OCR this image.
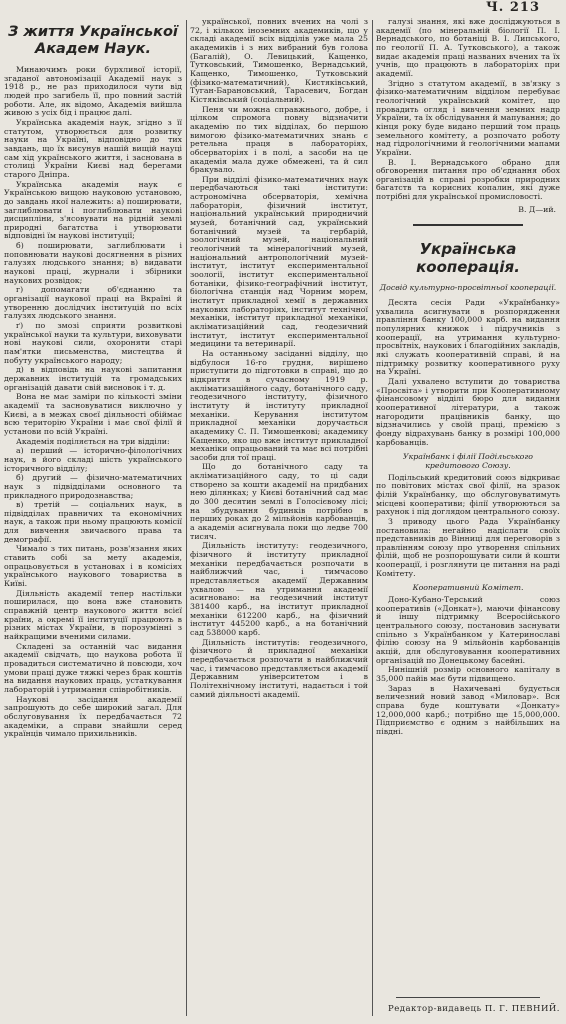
Ч. 213
З життя Української Академ Наук.

Минаючимъ роки бурхливої історії, згаданої автономізації Академії наук з 1918 р., не раз приходилося чути від людей про загибель її, про повний застій роботи. Але, як відомо, Академія вийшла живою з усіх бід і працює далі.

Українська академія наук, згідно з її статутом, утворюється для розвитку науки на Україні, відповідно до тих завдань, що їх висунув нашій вищій науці сам хід українського життя, і заснована в столиці України Києві над берегами старого Дніпра.

Українська академія наук є Українською вищою науковою установою, до завдань якої належить: а) поширювати, заглиблювати і поглиблювати наукові дисципліни, з'ясовувати на рідній землі природні багатства і утворювати відповідні їм наукові інституції;

б) поширювати, заглиблювати і поповнювати наукові досягнення в різних галузях людського знання; в) видавати наукові праці, журнали і збірники наукових розвідок;

г) допомагати об'єднанню та організації наукової праці на Вкраїні й утворенню дослідчих інституцій по всіх галузях людського знання.

ґ) по змозі сприяти розвиткові української науки та культури, виховувати нові наукові сили, охороняти старі пам'ятки письменства, мистецтва й побуту українського народу;

д) в відповідь на наукові запитання державних інституцій та громадських організацій давати свій висновок і т. д.

Вона не має заміри по кількості зміни академії та засновуватися виключно у Києві, а в межах своєї діяльності обіймає всю територію України і має свої філії й установи по всій Україні.

Академія поділяється на три відділи:

а) перший — історично-філологічних наук, в його складі шість українського історичного відділу;

б) другий — фізично-математичних наук з підвідділами основного та прикладного природознавства;

в) третій — соціальних наук, в підвідділах правничих та економічних наук, а також при ньому працюють комісії для вивчення звичаєвого права та демографії.

Чимало з тих питань, розв'язання яких ставить собі за мету академія, опрацьовується в установах і в комісіях українського наукового товариства в Київі.

Діяльність академії тепер настільки поширилася, що вона вже становить справжній центр наукового життя всієї країни, а окремі її інституції працюють в різних містах України, в порозумінні з найкращими вченими силами.

Складені за останній час видання академії свідчать, що наукова робота її провадиться систематично й повсюди, хоч умови праці дуже тяжкі через брак коштів на видання наукових праць, устаткування лабораторій і утримання співробітників.

Наукові засідання академії запрошують до себе широкий загал. Для обслуговування їх передбачається 72 академіки, а справи знайшли серед українців чимало прихильників.

української, повних вчених на чолі з 72, і кількох іноземних академиків, що у складі академії всіх відділів уже мала 25 академиків і з них вибраний був голова (Багалій), О. Левицький, Кащенко, Тутковський, Тимошенко, Вернадський, Кащенко, Тимошенко, Тутковський (фізико-математичний), Кистяківський, Туган-Барановський, Тарасевич, Богдан Кістяківський (соціальний).

Пеня чи можна справжнього, добре, і цілком спромога повну відзначити академію по тих відділах, бо першою вимогою фізико-математичних знань є ретельна праця в лабораторіях, обсерваторіях і в полі, а засоби на це академія мала дуже обмежені, та й сил бракувало.

При відділі фізико-математичних наук передбачаються такі інститути: астрономічна обсерваторія, хемічна лабораторія, фізичний інститут, національний український природничий музей, ботанічний сад, український ботанічний музей та гербарій, зоологічний музей, національний геологічний та мінералогічний музей, національний антропологічний музей-інститут, інститут експериментальної зоології, інститут експериментальної ботаніки, фізико-географічний інститут, біологічна станція над Чорним морем, інститут прикладної хемії в державних наукових лабораторіях, інститут технічної механіки, інститут прикладної механіки, акліматизаційний сад, геодезичний інститут, інститут експериментальної медицини та ветеринарії.

На останньому засіданні відділу, що відбулося 16-го грудня, вирішено приступити до підготовки в справі, що до відкриття в сучасному 1919 р. акліматизаційного саду, ботанічного саду, геодезичного інституту, фізичного інституту й інституту прикладної механіки. Керування інститутом прикладної механіки доручається академику С. П. Тимошенкові; академику Кащенко, яко що вже інститут прикладної механіки опрацьований та має всі потрібні засоби для тої праці.

Що до ботанічного саду та акліматизаційного саду, то ці сади створено за кошти академії на придбаних нею ділянках; у Києві ботанічний сад має до 300 десятин землі в Голосієвому лісі; на збудування будинків потрібно в перших роках до 2 мільйонів карбованців, а академія асигнувала поки що ледве 700 тисяч.

Діяльність інституту: геодезичного, фізичного й інституту прикладної механіки передбачається розпочати в найближчий час, і тимчасово представляється академії Державним ухвалою — на утримання академії асигновано: на геодезичний інститут 381400 карб., на інститут прикладної механіки 612200 карб., на фізичний інститут 445200 карб., а на ботанічний сад 538000 карб.

Діяльність інститутів: геодезичного, фізичного й прикладної механіки передбачається розпочати в найближчий час, і тимчасово представляється академії Державним університетом і в Політехнічному інституті, надається і той самий діяльності академії.

галузі знання, які вже досліджуються в академії (по мінеральній біології П. І. Вернадського, по ботаніці В. І. Липського, по геології П. А. Тутковського), а також видає академія праці названих вчених та їх учнів, що працюють в лабораторіях при академії.

Згідно з статутом академії, в зв'язку з фізико-математичним відділом перебуває геологічний український комітет, що провадить огляд і вивчення земних надр України, та їх обслідування й мапування; до кінця року буде видано перший том праць земельного комітету, а розпочато роботу над гідрологічними й геологічними мапами України.

В. І. Вернадського обрано для обговорення питання про об'єднання обох організацій в справі розробки природних багатств та корисних копалин, які дуже потрібні для української промисловості.

В. Д—ий.

Українська кооперація.

Досвід культурно-просвітньої кооперації.

Десята сесія Ради «Українбанку» ухвалила асигнувати в розпорядження правління банку 100,000 карб. на видання популярних книжок і підручників з кооперації, на утримання культурно-просвітніх, наукових і благодійних закладів, які служать кооперативній справі, й на підтримку розвитку кооперативного руху на Україні.

Далі ухвалено вступити до товариства «Просвіта» і утворити при Кооперативному фінансовому відділі бюро для видання кооперативної літератури, а також нагородити працівників банку, що відзначились у своїй праці, премією з фонду відрахувань банку в розмірі 100,000 карбованців.

Українбанк і філії Подільського кредитового Союзу.

Подільський кредитовий союз відкриває по повітових містах свої філії, на зразок філій Українбанку, що обслуговуватимуть місцеві кооперативи; філії утворюються за рахунок і під доглядом центрального союзу.

З приводу цього Рада Українбанку постановила: негайно надіслати своїх представників до Вінниці для переговорів з правлінням союзу про утворення спільних філій, щоб не розпорошувати сили й кошти кооперації, і розглянути це питання на раді Комітету.

Кооперативний Комітет.

Доно-Кубано-Терський союз кооперативів («Донкат»), маючи фінансову й іншу підтримку Всеросійського центрального союзу, постановив заснувати спільно з Українбанком у Катеринославі філію союзу на 9 мільйонів карбованців акцій, для обслуговування кооперативних організацій по Донецькому басейні.

Нинішній розмір основного капіталу в 35,000 пайів має бути підвищено.

Зараз в Нахичевані будується величезний новий завод «Миловар». Вся справа буде коштувати «Донкату» 12,000,000 карб.; потрібно ще 15,000,000. Підприємство є одним з найбільших на півдні.

Редактор-видавець П. Г. ПЕВНИЙ.
